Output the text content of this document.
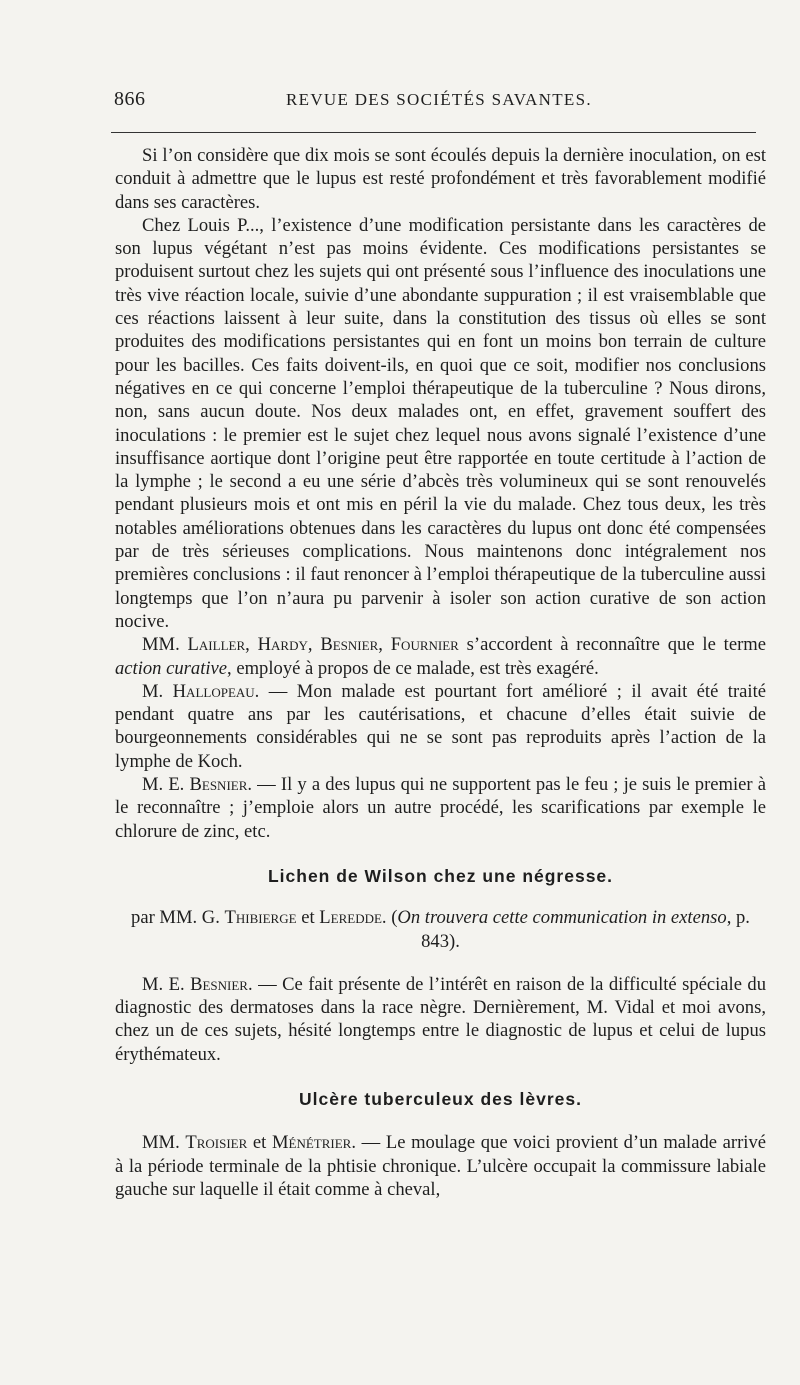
866	REVUE DES SOCIÉTÉS SAVANTES.

Si l’on considère que dix mois se sont écoulés depuis la dernière inoculation, on est conduit à admettre que le lupus est resté profondément et très favorablement modifié dans ses caractères.

Chez Louis P..., l’existence d’une modification persistante dans les caractères de son lupus végétant n’est pas moins évidente. Ces modifications persistantes se produisent surtout chez les sujets qui ont présenté sous l’influence des inoculations une très vive réaction locale, suivie d’une abondante suppuration ; il est vraisemblable que ces réactions laissent à leur suite, dans la constitution des tissus où elles se sont produites des modifications persistantes qui en font un moins bon terrain de culture pour les bacilles. Ces faits doivent-ils, en quoi que ce soit, modifier nos conclusions négatives en ce qui concerne l’emploi thérapeutique de la tuberculine ? Nous dirons, non, sans aucun doute. Nos deux malades ont, en effet, gravement souffert des inoculations : le premier est le sujet chez lequel nous avons signalé l’existence d’une insuffisance aortique dont l’origine peut être rapportée en toute certitude à l’action de la lymphe ; le second a eu une série d’abcès très volumineux qui se sont renouvelés pendant plusieurs mois et ont mis en péril la vie du malade. Chez tous deux, les très notables améliorations obtenues dans les caractères du lupus ont donc été compensées par de très sérieuses complications. Nous maintenons donc intégralement nos premières conclusions : il faut renoncer à l’emploi thérapeutique de la tuberculine aussi longtemps que l’on n’aura pu parvenir à isoler son action curative de son action nocive.

MM. Lailler, Hardy, Besnier, Fournier s’accordent à reconnaître que le terme action curative, employé à propos de ce malade, est très exagéré.

M. Hallopeau. — Mon malade est pourtant fort amélioré ; il avait été traité pendant quatre ans par les cautérisations, et chacune d’elles était suivie de bourgeonnements considérables qui ne se sont pas reproduits après l’action de la lymphe de Koch.

M. E. Besnier. — Il y a des lupus qui ne supportent pas le feu ; je suis le premier à le reconnaître ; j’emploie alors un autre procédé, les scarifications par exemple le chlorure de zinc, etc.

Lichen de Wilson chez une négresse.

par MM. G. Thibierge et Leredde. (On trouvera cette communication in extenso, p. 843).

M. E. Besnier. — Ce fait présente de l’intérêt en raison de la difficulté spéciale du diagnostic des dermatoses dans la race nègre. Dernièrement, M. Vidal et moi avons, chez un de ces sujets, hésité longtemps entre le diagnostic de lupus et celui de lupus érythémateux.

Ulcère tuberculeux des lèvres.

MM. Troisier et Ménétrier. — Le moulage que voici provient d’un malade arrivé à la période terminale de la phtisie chronique. L’ulcère occupait la commissure labiale gauche sur laquelle il était comme à cheval,
